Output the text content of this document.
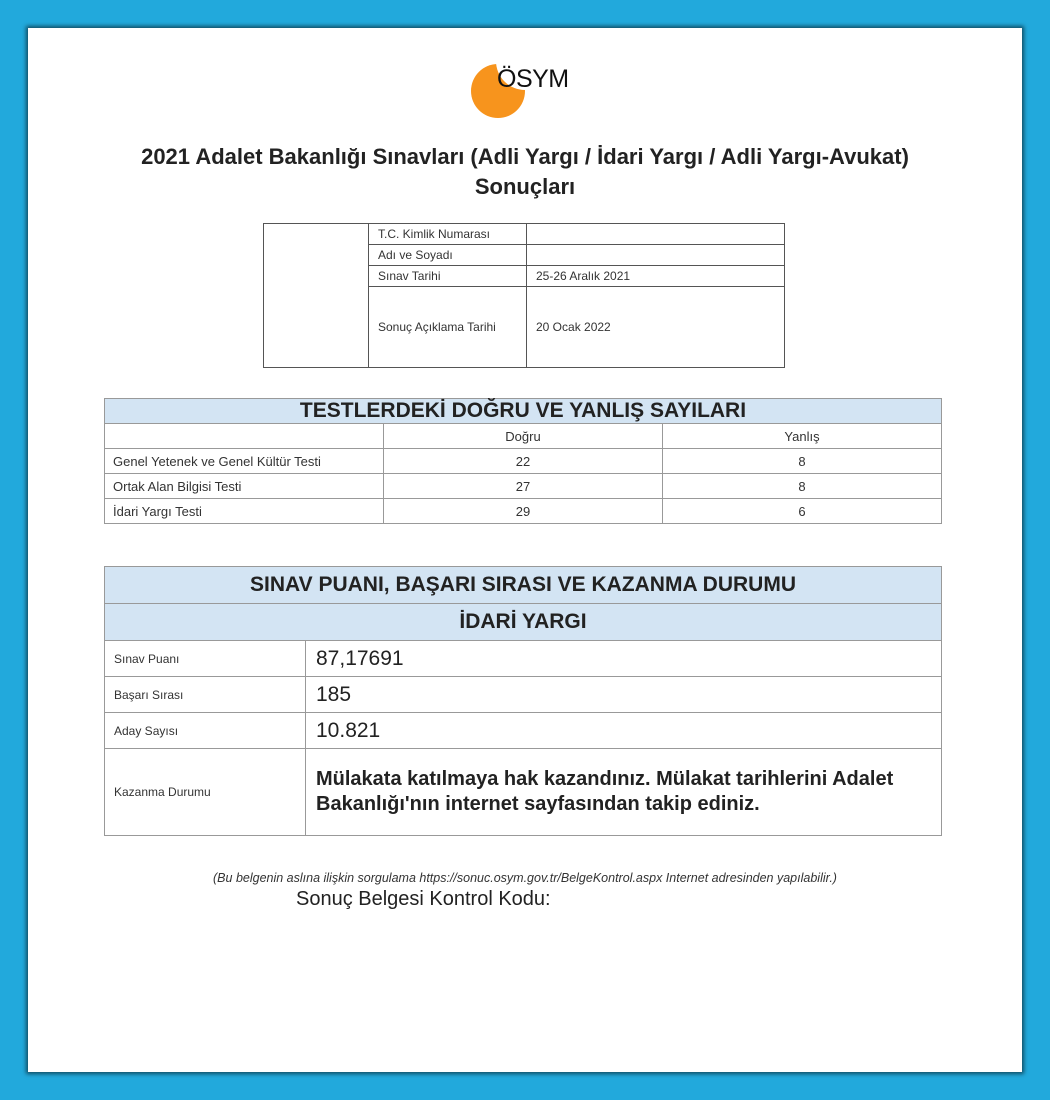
ÖSYM
2021 Adalet Bakanlığı Sınavları (Adli Yargı / İdari Yargı / Adli Yargı-Avukat) Sonuçları
	T.C. Kimlik Numarası	
	Adı ve Soyadı	
	Sınav Tarihi	25-26 Aralık 2021
	Sonuç Açıklama Tarihi	20 Ocak 2022
TESTLERDEKİ DOĞRU VE YANLIŞ SAYILARI		
	Doğru	Yanlış
Genel Yetenek ve Genel Kültür Testi	22	8
Ortak Alan Bilgisi Testi	27	8
İdari Yargı Testi	29	6
SINAV PUANI, BAŞARI SIRASI VE KAZANMA DURUMU	
İDARİ YARGI	
Sınav Puanı	87,17691
Başarı Sırası	185
Aday Sayısı	10.821
Kazanma Durumu	Mülakata katılmaya hak kazandınız. Mülakat tarihlerini Adalet Bakanlığı'nın internet sayfasından takip ediniz.
(Bu belgenin aslına ilişkin sorgulama https://sonuc.osym.gov.tr/BelgeKontrol.aspx Internet adresinden yapılabilir.)
Sonuç Belgesi Kontrol Kodu:
